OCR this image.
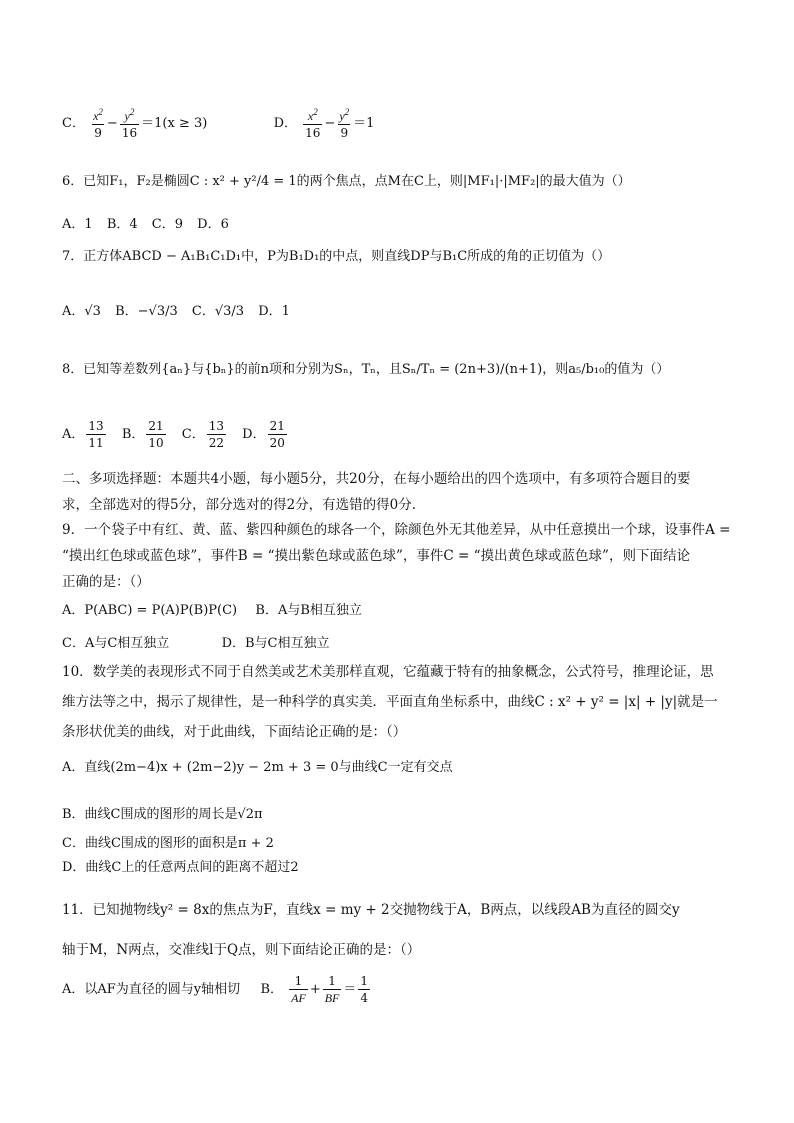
C． $\frac{x^2}{9} - \frac{y^2}{16} =1(x \ge 3)$	D． $\frac{x^2}{16} - \frac{y^2}{9} =1$
6．已知F₁，F₂是椭圆C : x² + y²/4 = 1的两个焦点，点M在C上，则|MF₁|·|MF₂|的最大值为（）
A．1 B．4 C．9 D．6
7．正方体ABCD − A₁B₁C₁D₁中，P为B₁D₁的中点，则直线DP与B₁C所成的角的正切值为（）
A．√3 B．−√3/3 C．√3/3 D．1
8．已知等差数列{aₙ}与{bₙ}的前n项和分别为Sₙ，Tₙ，且Sₙ/Tₙ = (2n+3)/(n+1)，则a₅/b₁₀的值为（）
A． $\frac{13}{11}$ B． $\frac{21}{10}$ C． $\frac{13}{22}$ D． $\frac{21}{20}$
二、多项选择题：本题共4小题，每小题5分，共20分，在每小题给出的四个选项中，有多项符合题目的要
求，全部选对的得5分，部分选对的得2分，有选错的得0分.
9．一个袋子中有红、黄、蓝、紫四种颜色的球各一个，除颜色外无其他差异，从中任意摸出一个球，设事件A =
“摸出红色球或蓝色球”，事件B = “摸出紫色球或蓝色球”，事件C = “摸出黄色球或蓝色球”，则下面结论
正确的是：（）
A．P(ABC) = P(A)P(B)P(C) B．A与B相互独立
C．A与C相互独立	D．B与C相互独立
10．数学美的表现形式不同于自然美或艺术美那样直观，它蕴藏于特有的抽象概念，公式符号，推理论证，思
维方法等之中，揭示了规律性，是一种科学的真实美．平面直角坐标系中，曲线C : x² + y² = |x| + |y|就是一
条形状优美的曲线，对于此曲线，下面结论正确的是：（）
A．直线(2m−4)x + (2m−2)y − 2m + 3 = 0与曲线C一定有交点
B．曲线C围成的图形的周长是√2π
C．曲线C围成的图形的面积是π + 2
D．曲线C上的任意两点间的距离不超过2
11．已知抛物线y² = 8x的焦点为F，直线x = my + 2交抛物线于A，B两点，以线段AB为直径的圆交y
轴于M，N两点，交准线l于Q点，则下面结论正确的是：（）
A．以AF为直径的圆与y轴相切 B． $\frac{1}{AF} + \frac{1}{BF} = \frac{1}{4}$
